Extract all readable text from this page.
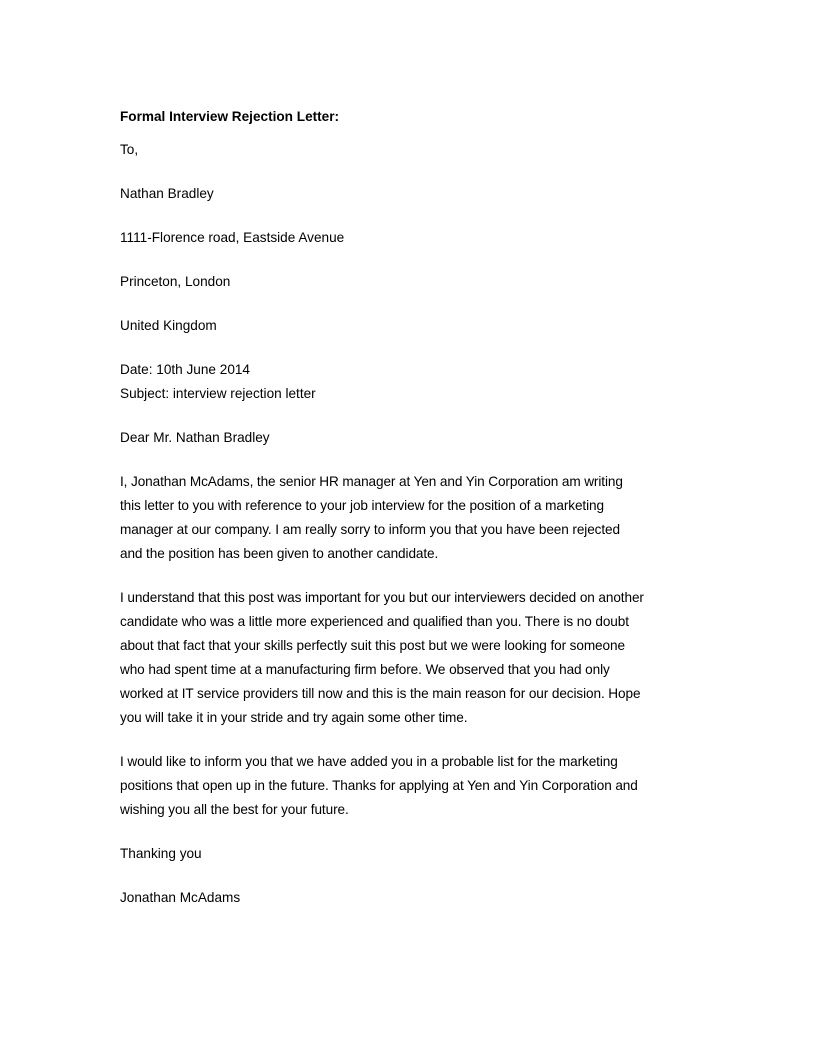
Formal Interview Rejection Letter:
To,
Nathan Bradley
1111-Florence road, Eastside Avenue
Princeton, London
United Kingdom
Date: 10th June 2014
Subject: interview rejection letter
Dear Mr. Nathan Bradley
I, Jonathan McAdams, the senior HR manager at Yen and Yin Corporation am writing
this letter to you with reference to your job interview for the position of a marketing
manager at our company. I am really sorry to inform you that you have been rejected
and the position has been given to another candidate.
I understand that this post was important for you but our interviewers decided on another
candidate who was a little more experienced and qualified than you. There is no doubt
about that fact that your skills perfectly suit this post but we were looking for someone
who had spent time at a manufacturing firm before. We observed that you had only
worked at IT service providers till now and this is the main reason for our decision. Hope
you will take it in your stride and try again some other time.
I would like to inform you that we have added you in a probable list for the marketing
positions that open up in the future. Thanks for applying at Yen and Yin Corporation and
wishing you all the best for your future.
Thanking you
Jonathan McAdams
